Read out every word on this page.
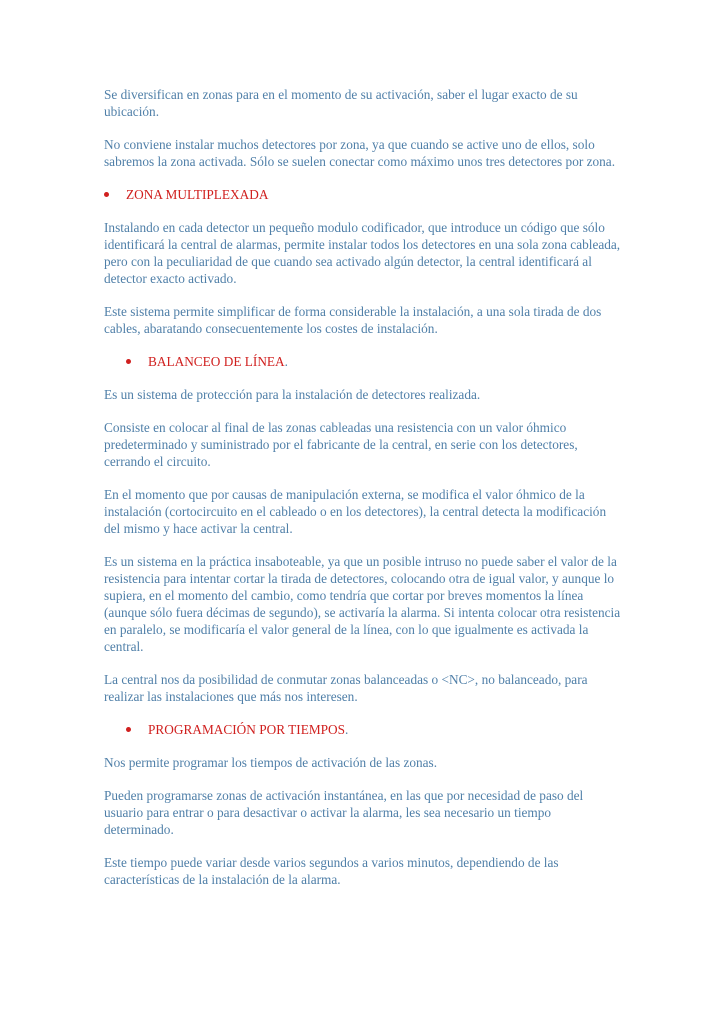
Se diversifican en zonas para en el momento de su activación, saber el lugar exacto de su ubicación.

No conviene instalar muchos detectores por zona, ya que cuando se active uno de ellos, solo sabremos la zona activada. Sólo se suelen conectar como máximo unos tres detectores por zona.

ZONA MULTIPLEXADA

Instalando en cada detector un pequeño modulo codificador, que introduce un código que sólo identificará la central de alarmas, permite instalar todos los detectores en una sola zona cableada, pero con la peculiaridad de que cuando sea activado algún detector, la central identificará al detector exacto activado.

Este sistema permite simplificar de forma considerable la instalación, a una sola tirada de dos cables, abaratando consecuentemente los costes de instalación.

BALANCEO DE LÍNEA.

Es un sistema de protección para la instalación de detectores realizada.

Consiste en colocar al final de las zonas cableadas una resistencia con un valor óhmico predeterminado y suministrado por el fabricante de la central, en serie con los detectores, cerrando el circuito.

En el momento que por causas de manipulación externa, se modifica el valor óhmico de la instalación (cortocircuito en el cableado o en los detectores), la central detecta la modificación del mismo y hace activar la central.

Es un sistema en la práctica insaboteable, ya que un posible intruso no puede saber el valor de la resistencia para intentar cortar la tirada de detectores, colocando otra de igual valor, y aunque lo supiera, en el momento del cambio, como tendría que cortar por breves momentos la línea (aunque sólo fuera décimas de segundo), se activaría la alarma. Si intenta colocar otra resistencia en paralelo, se modificaría el valor general de la línea, con lo que igualmente es activada la central.

La central nos da posibilidad de conmutar zonas balanceadas o <NC>, no balanceado, para realizar las instalaciones que más nos interesen.

PROGRAMACIÓN POR TIEMPOS.

Nos permite programar los tiempos de activación de las zonas.

Pueden programarse zonas de activación instantánea, en las que por necesidad de paso del usuario para entrar o para desactivar o activar la alarma, les sea necesario un tiempo determinado.

Este tiempo puede variar desde varios segundos a varios minutos, dependiendo de las características de la instalación de la alarma.
